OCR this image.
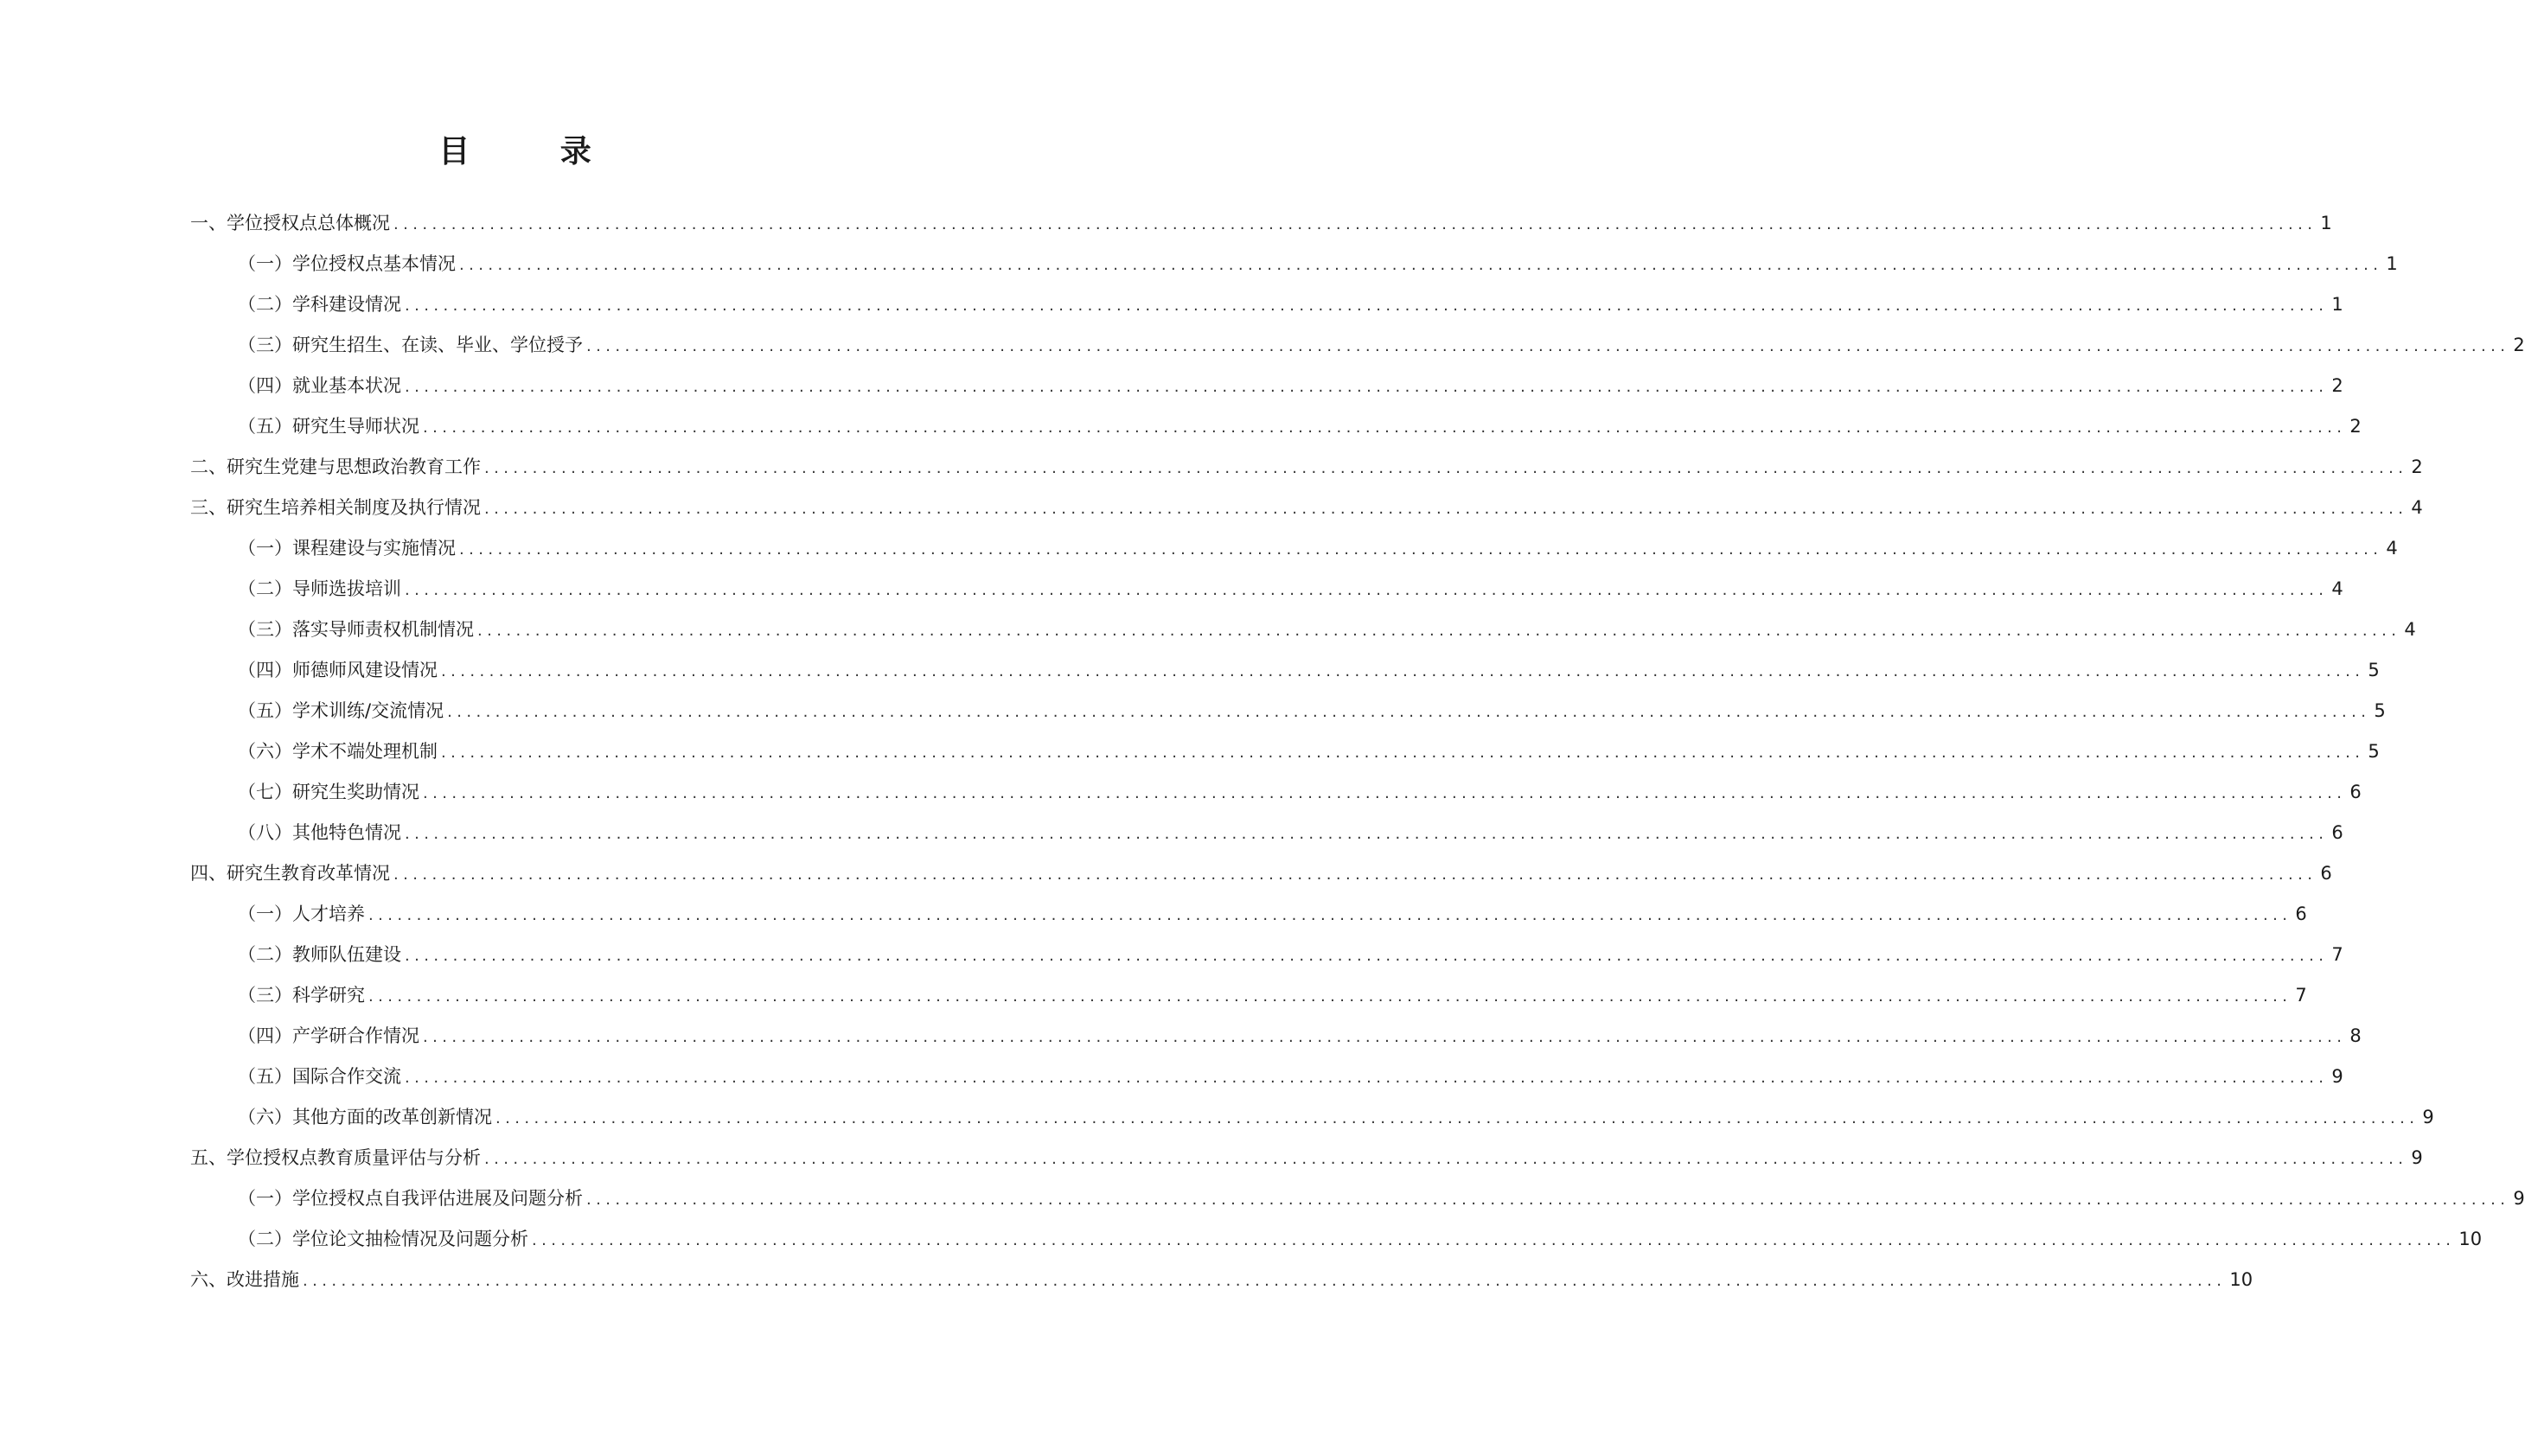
目 录
一、学位授权点总体概况 ........................................................................................................................................................................................................ 1
（一）学位授权点基本情况 ........................................................................................................................................................................................................ 1
（二）学科建设情况 ........................................................................................................................................................................................................ 1
（三）研究生招生、在读、毕业、学位授予 ........................................................................................................................................................................................................ 2
（四）就业基本状况 ........................................................................................................................................................................................................ 2
（五）研究生导师状况 ........................................................................................................................................................................................................ 2
二、研究生党建与思想政治教育工作 ........................................................................................................................................................................................................ 2
三、研究生培养相关制度及执行情况 ........................................................................................................................................................................................................ 4
（一）课程建设与实施情况 ........................................................................................................................................................................................................ 4
（二）导师选拔培训 ........................................................................................................................................................................................................ 4
（三）落实导师责权机制情况 ........................................................................................................................................................................................................ 4
（四）师德师风建设情况 ........................................................................................................................................................................................................ 5
（五）学术训练/交流情况 ........................................................................................................................................................................................................ 5
（六）学术不端处理机制 ........................................................................................................................................................................................................ 5
（七）研究生奖助情况 ........................................................................................................................................................................................................ 6
（八）其他特色情况 ........................................................................................................................................................................................................ 6
四、研究生教育改革情况 ........................................................................................................................................................................................................ 6
（一）人才培养 ........................................................................................................................................................................................................ 6
（二）教师队伍建设 ........................................................................................................................................................................................................ 7
（三）科学研究 ........................................................................................................................................................................................................ 7
（四）产学研合作情况 ........................................................................................................................................................................................................ 8
（五）国际合作交流 ........................................................................................................................................................................................................ 9
（六）其他方面的改革创新情况 ........................................................................................................................................................................................................ 9
五、学位授权点教育质量评估与分析 ........................................................................................................................................................................................................ 9
（一）学位授权点自我评估进展及问题分析 ........................................................................................................................................................................................................ 9
（二）学位论文抽检情况及问题分析 ........................................................................................................................................................................................................ 10
六、改进措施 ........................................................................................................................................................................................................ 10
